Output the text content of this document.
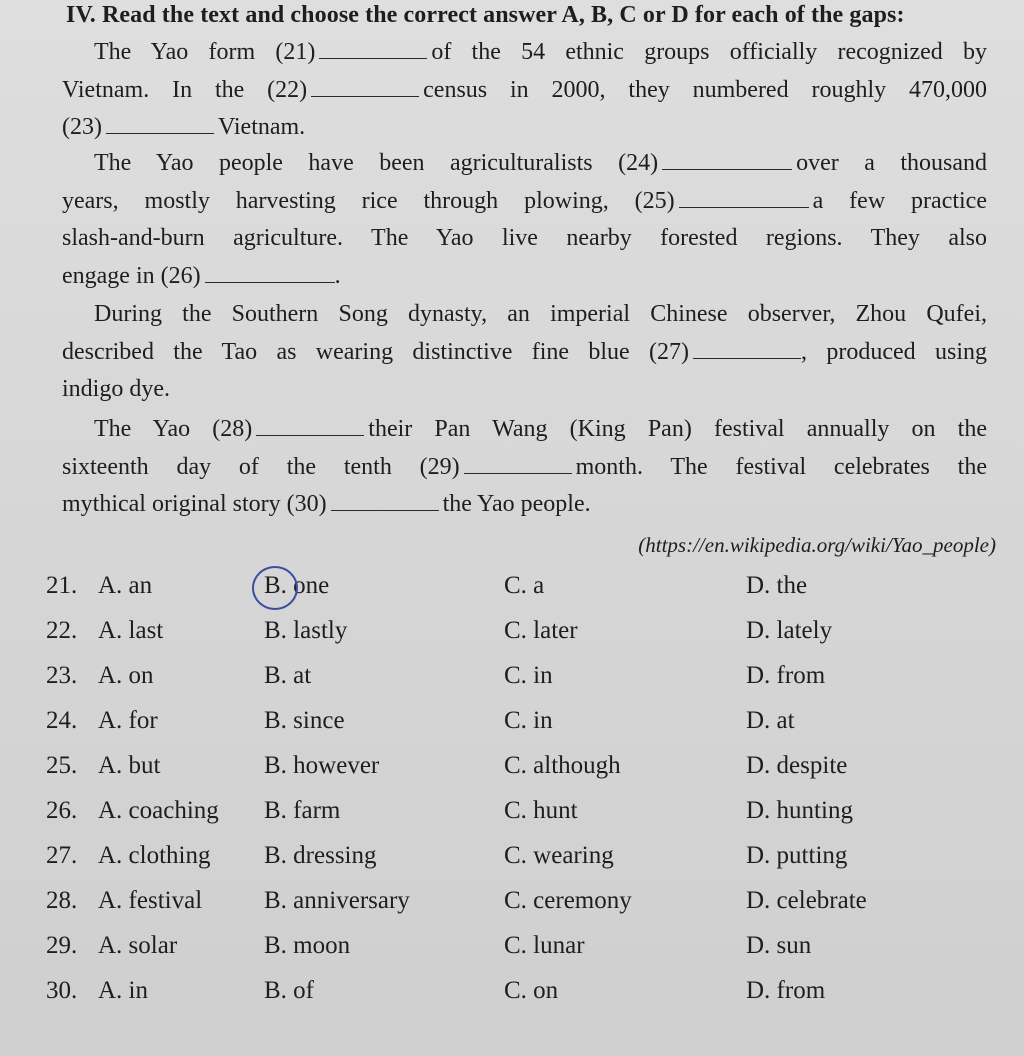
IV. Read the text and choose the correct answer A, B, C or D for each of the gaps:
The Yao form (21)	of the 54 ethnic groups officially recognized by
Vietnam. In the (22)	census in 2000, they numbered roughly 470,000
(23)	Vietnam.
The Yao people have been agriculturalists (24)	over a thousand
years, mostly harvesting rice through plowing, (25)	a few practice
slash-and-burn agriculture. The Yao live nearby forested regions. They also
engage in (26)	.
During the Southern Song dynasty, an imperial Chinese observer, Zhou Qufei,
described the Tao as wearing distinctive fine blue (27)	, produced using
indigo dye.
The Yao (28)	their Pan Wang (King Pan) festival annually on the
sixteenth day of the tenth (29)	month. The festival celebrates the
mythical original story (30)	the Yao people.
(https://en.wikipedia.org/wiki/Yao_people)
21. A. an	B. one	C. a	D. the
22. A. last	B. lastly	C. later	D. lately
23. A. on	B. at	C. in	D. from
24. A. for	B. since	C. in	D. at
25. A. but	B. however	C. although	D. despite
26. A. coaching B. farm	C. hunt	D. hunting
27. A. clothing B. dressing	C. wearing	D. putting
28. A. festival B. anniversary	C. ceremony	D. celebrate
29. A. solar	B. moon	C. lunar	D. sun
30. A. in	B. of	C. on	D. from
